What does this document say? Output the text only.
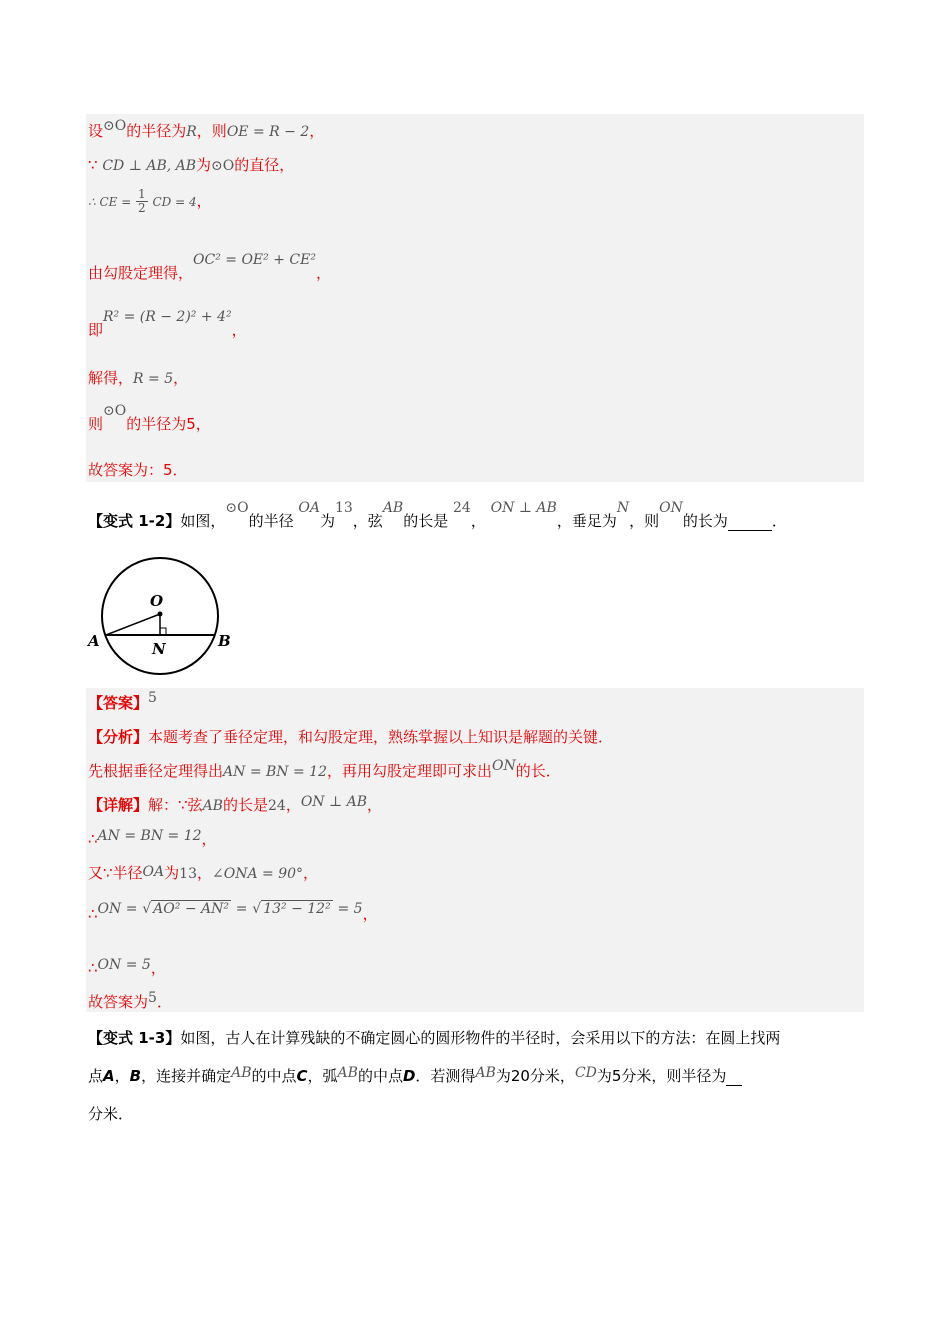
设⊙O的半径为R，则OE = R − 2，
∵ CD ⊥ AB, AB为⊙O的直径，
∴ CE = $\frac{1}{2}$ CD = 4，
由勾股定理得，OC² = OE² + CE²，
即R² = (R − 2)² + 4²，
解得，R = 5，
则⊙O的半径为5，
故答案为：5．
【变式 1-2】如图，⊙O的半径 OA为13，弦AB的长是 24， ON ⊥ AB，垂足为N，则ON的长为	．
O
A	B
N
【答案】5
【分析】本题考查了垂径定理，和勾股定理，熟练掌握以上知识是解题的关键．
先根据垂径定理得出AN = BN = 12，再用勾股定理即可求出ON的长．
【详解】解：∵弦AB的长是24，ON ⊥ AB，
∴AN = BN = 12，
又∵半径OA为13，∠ONA = 90°，
∴ON = √ AO² − AN² = √ 13² − 12² = 5，
∴ON = 5，
故答案为5．
【变式 1-3】如图，古人在计算残缺的不确定圆心的圆形物件的半径时，会采用以下的方法：在圆上找两
点A，B，连接并确定AB的中点C，弧AB的中点D．若测得AB为20分米，CD为5分米，则半径为
分米．
